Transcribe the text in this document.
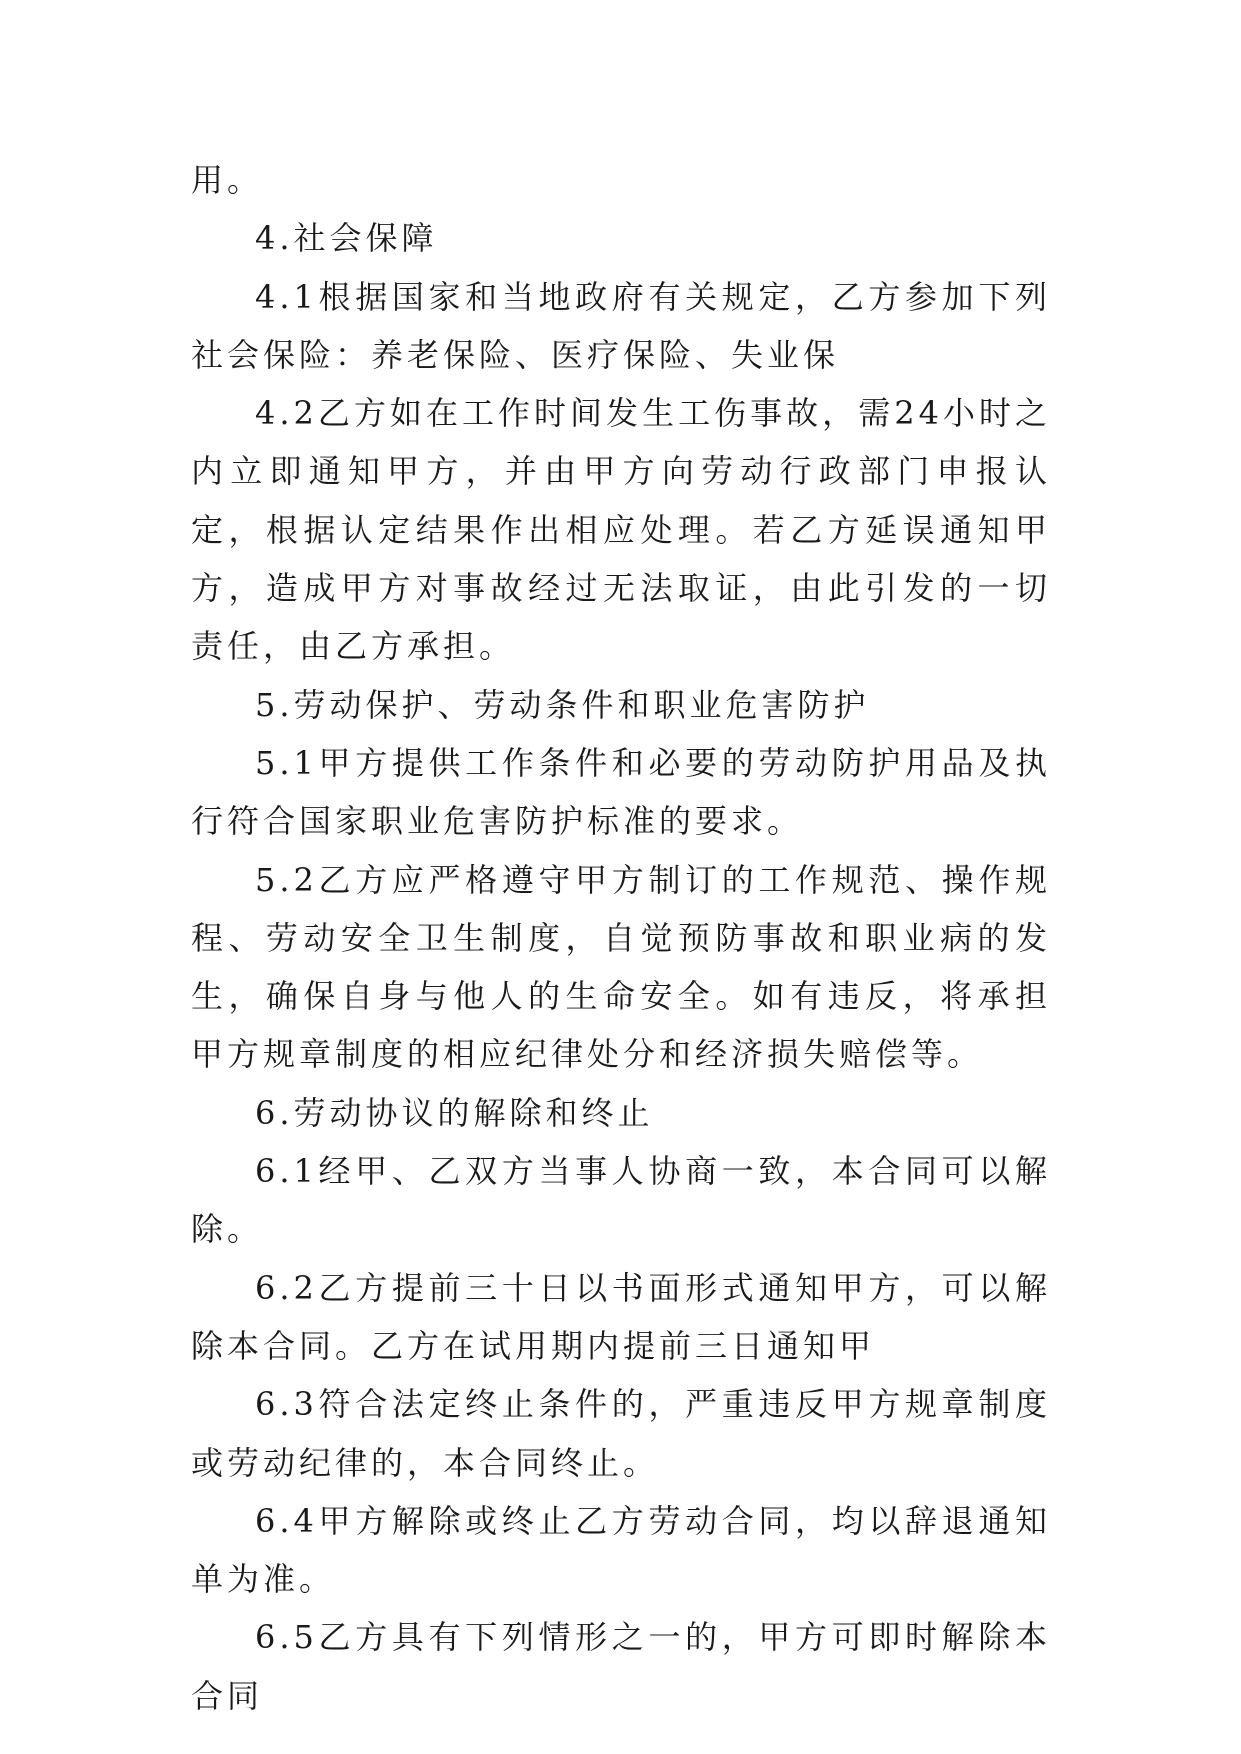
用。

4.社会保障

4.1根据国家和当地政府有关规定，乙方参加下列社会保险：养老保险、医疗保险、失业保

4.2乙方如在工作时间发生工伤事故，需24小时之内立即通知甲方，并由甲方向劳动行政部门申报认定，根据认定结果作出相应处理。若乙方延误通知甲方，造成甲方对事故经过无法取证，由此引发的一切责任，由乙方承担。

5.劳动保护、劳动条件和职业危害防护

5.1甲方提供工作条件和必要的劳动防护用品及执行符合国家职业危害防护标准的要求。

5.2乙方应严格遵守甲方制订的工作规范、操作规程、劳动安全卫生制度，自觉预防事故和职业病的发生，确保自身与他人的生命安全。如有违反，将承担甲方规章制度的相应纪律处分和经济损失赔偿等。

6.劳动协议的解除和终止

6.1经甲、乙双方当事人协商一致，本合同可以解除。

6.2乙方提前三十日以书面形式通知甲方，可以解除本合同。乙方在试用期内提前三日通知甲

6.3符合法定终止条件的，严重违反甲方规章制度或劳动纪律的，本合同终止。

6.4甲方解除或终止乙方劳动合同，均以辞退通知单为准。

6.5乙方具有下列情形之一的，甲方可即时解除本合同
